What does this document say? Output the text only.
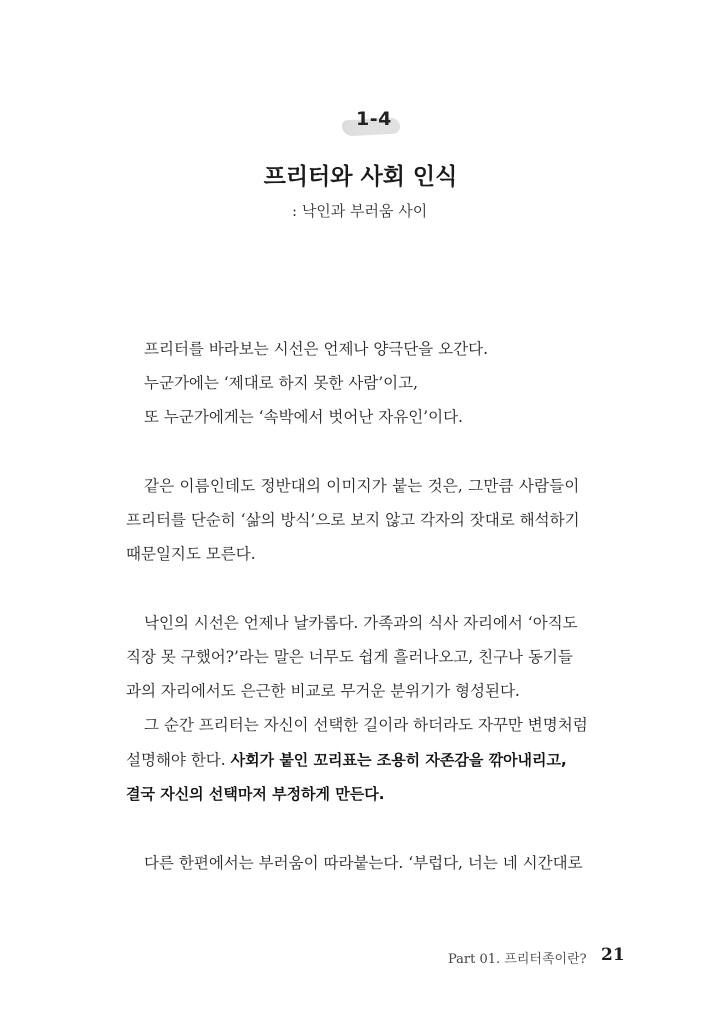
1-4
프리터와 사회 인식
: 낙인과 부러움 사이
프리터를 바라보는 시선은 언제나 양극단을 오간다.
누군가에는 ‘제대로 하지 못한 사람’이고,
또 누군가에게는 ‘속박에서 벗어난 자유인’이다.
같은 이름인데도 정반대의 이미지가 붙는 것은, 그만큼 사람들이
프리터를 단순히 ‘삶의 방식’으로 보지 않고 각자의 잣대로 해석하기
때문일지도 모른다.
낙인의 시선은 언제나 날카롭다. 가족과의 식사 자리에서 ‘아직도
직장 못 구했어?’라는 말은 너무도 쉽게 흘러나오고, 친구나 동기들
과의 자리에서도 은근한 비교로 무거운 분위기가 형성된다.
그 순간 프리터는 자신이 선택한 길이라 하더라도 자꾸만 변명처럼
설명해야 한다. 사회가 붙인 꼬리표는 조용히 자존감을 깎아내리고,
결국 자신의 선택마저 부정하게 만든다.
다른 한편에서는 부러움이 따라붙는다. ‘부럽다, 너는 네 시간대로
Part 01. 프리터족이란? 21
